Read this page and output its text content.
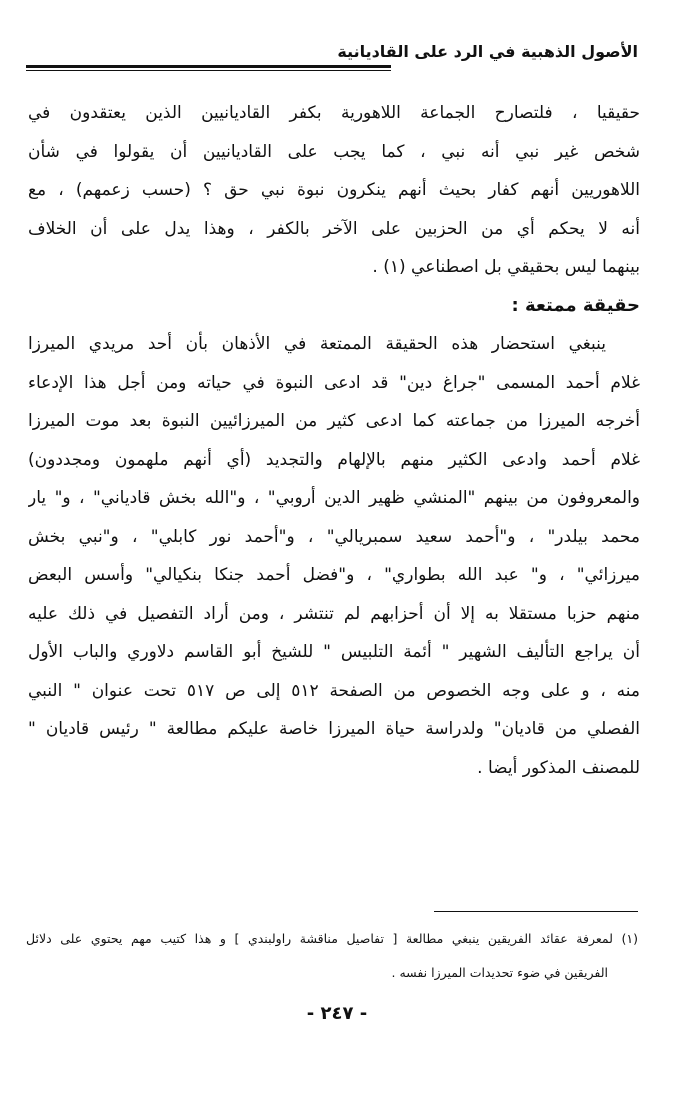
الأصول الذهبية في الرد على القاديانية
حقيقيا ، فلتصارح الجماعة اللاهورية بكفر القاديانيين الذين يعتقدون في
شخص غير نبي أنه نبي ، كما يجب على القاديانيين أن يقولوا في شأن
اللاهوريين أنهم كفار بحيث أنهم ينكرون نبوة نبي حق ؟ (حسب زعمهم) ، مع
أنه لا يحكم أي من الحزبين على الآخر بالكفر ، وهذا يدل على أن الخلاف
بينهما ليس بحقيقي بل اصطناعي (١) .
حقيقة ممتعة :
ينبغي استحضار هذه الحقيقة الممتعة في الأذهان بأن أحد مريدي الميرزا
غلام أحمد المسمى "جراغ دين" قد ادعى النبوة في حياته ومن أجل هذا الإدعاء
أخرجه الميرزا من جماعته كما ادعى كثير من الميرزائيين النبوة بعد موت الميرزا
غلام أحمد وادعى الكثير منهم بالإلهام والتجديد (أي أنهم ملهمون ومجددون)
والمعروفون من بينهم "المنشي ظهير الدين أروبي" ، و"الله بخش قادياني" ، و" يار
محمد بيلدر" ، و"أحمد سعيد سمبريالي" ، و"أحمد نور كابلي" ، و"نبي بخش
ميرزائي" ، و" عبد الله بطواري" ، و"فضل أحمد جنكا بنكيالي" وأسس البعض
منهم حزبا مستقلا به إلا أن أحزابهم لم تنتشر ، ومن أراد التفصيل في ذلك عليه
أن يراجع التأليف الشهير " أئمة التلبيس " للشيخ أبو القاسم دلاوري والباب الأول
منه ، و على وجه الخصوص من الصفحة ٥١٢ إلى ص ٥١٧ تحت عنوان " النبي
الفصلي من قاديان" ولدراسة حياة الميرزا خاصة عليكم مطالعة " رئيس قاديان "
للمصنف المذكور أيضا .
(١) لمعرفة عقائد الفريقين ينبغي مطالعة [ تفاصيل مناقشة راولبندي ] و هذا كتيب مهم يحتوي على دلائل
الفريقين في ضوء تحديدات الميرزا نفسه .
- ٢٤٧ -
